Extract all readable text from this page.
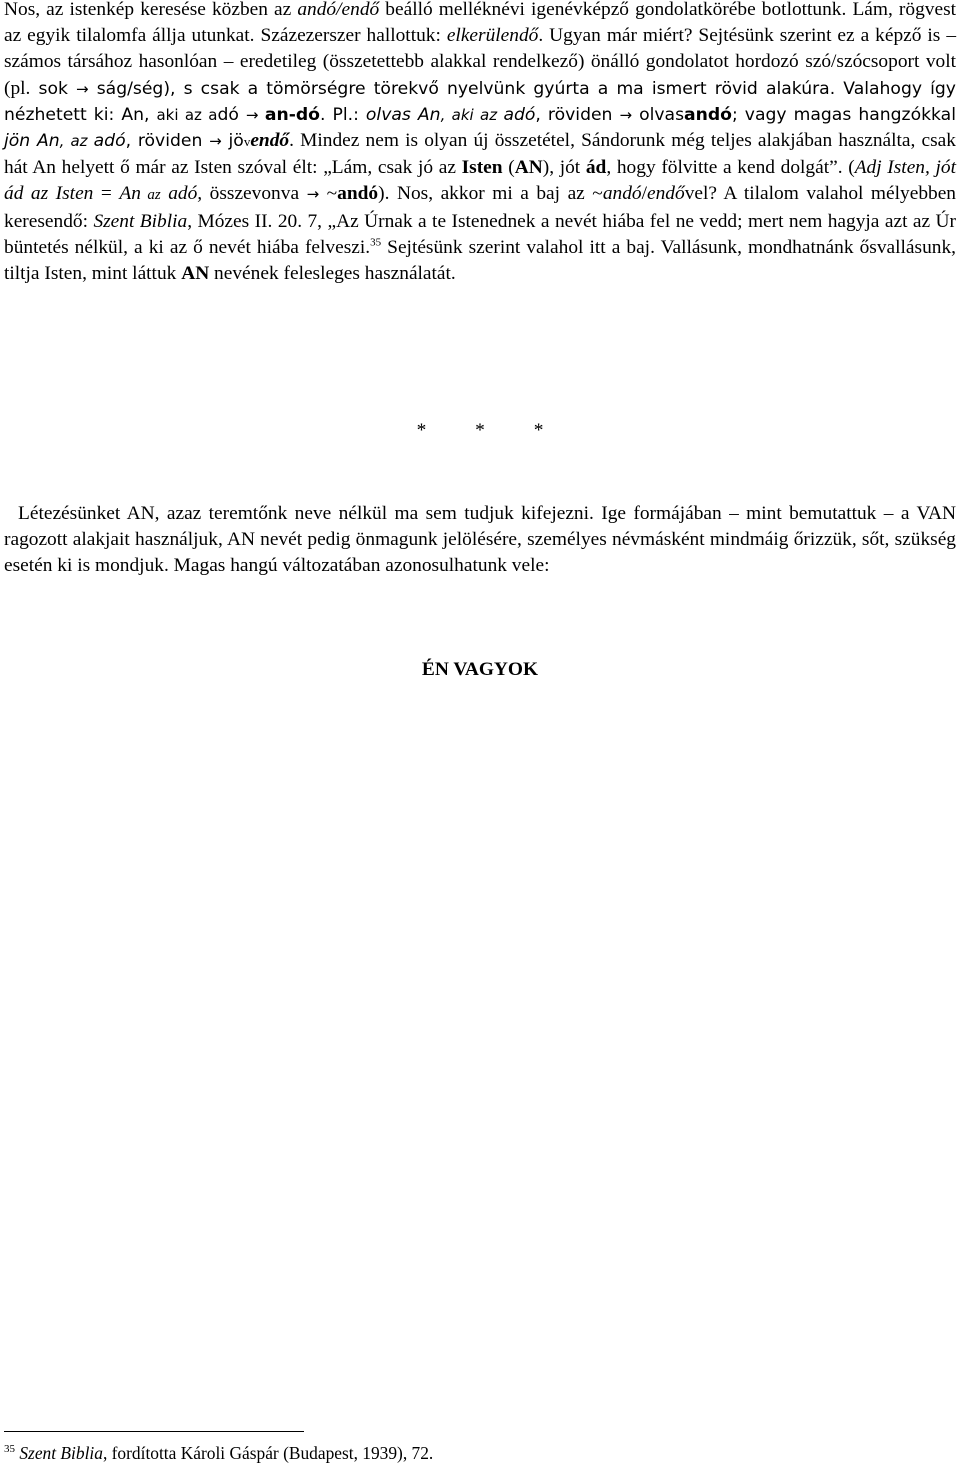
Nos, az istenkép keresése közben az andó/endő beálló melléknévi igenévképző gondolatkörébe botlottunk. Lám, rögvest az egyik tilalomfa állja utunkat. Százezerszer hallottuk: elkerülendő. Ugyan már miért? Sejtésünk szerint ez a képző is – számos társához hasonlóan – eredetileg (összetettebb alakkal rendelkező) önálló gondolatot hordozó szó/szócsoport volt (pl. sok → ság/ség), s csak a tömörségre törekvő nyelvünk gyúrta a ma ismert rövid alakúra. Valahogy így nézhetett ki: An, aki az adó → an-dó. Pl.: olvas An, aki az adó, röviden → olvasandó; vagy magas hangzókkal jön An, az adó, röviden → jövendő. Mindez nem is olyan új összetétel, Sándorunk még teljes alakjában használta, csak hát An helyett ő már az Isten szóval élt: „Lám, csak jó az Isten (AN), jót ád, hogy fölvitte a kend dolgát”. (Adj Isten, jót ád az Isten = An az adó, összevonva → ~andó). Nos, akkor mi a baj az ~andó/endővel? A tilalom valahol mélyebben keresendő: Szent Biblia, Mózes II. 20. 7, „Az Úrnak a te Istenednek a nevét hiába fel ne vedd; mert nem hagyja azt az Úr büntetés nélkül, a ki az ő nevét hiába felveszi.$^{35}$ Sejtésünk szerint valahol itt a baj. Vallásunk, mondhatnánk ősvallásunk, tiltja Isten, mint láttuk AN nevének felesleges használatát.

* * *

Létezésünket AN, azaz teremtőnk neve nélkül ma sem tudjuk kifejezni. Ige formájában – mint bemutattuk – a VAN ragozott alakjait használjuk, AN nevét pedig önmagunk jelölésére, személyes névmásként mindmáig őrizzük, sőt, szükség esetén ki is mondjuk. Magas hangú változatában azonosulhatunk vele:

ÉN VAGYOK

$^{35}$ Szent Biblia, fordította Károli Gáspár (Budapest, 1939), 72.
